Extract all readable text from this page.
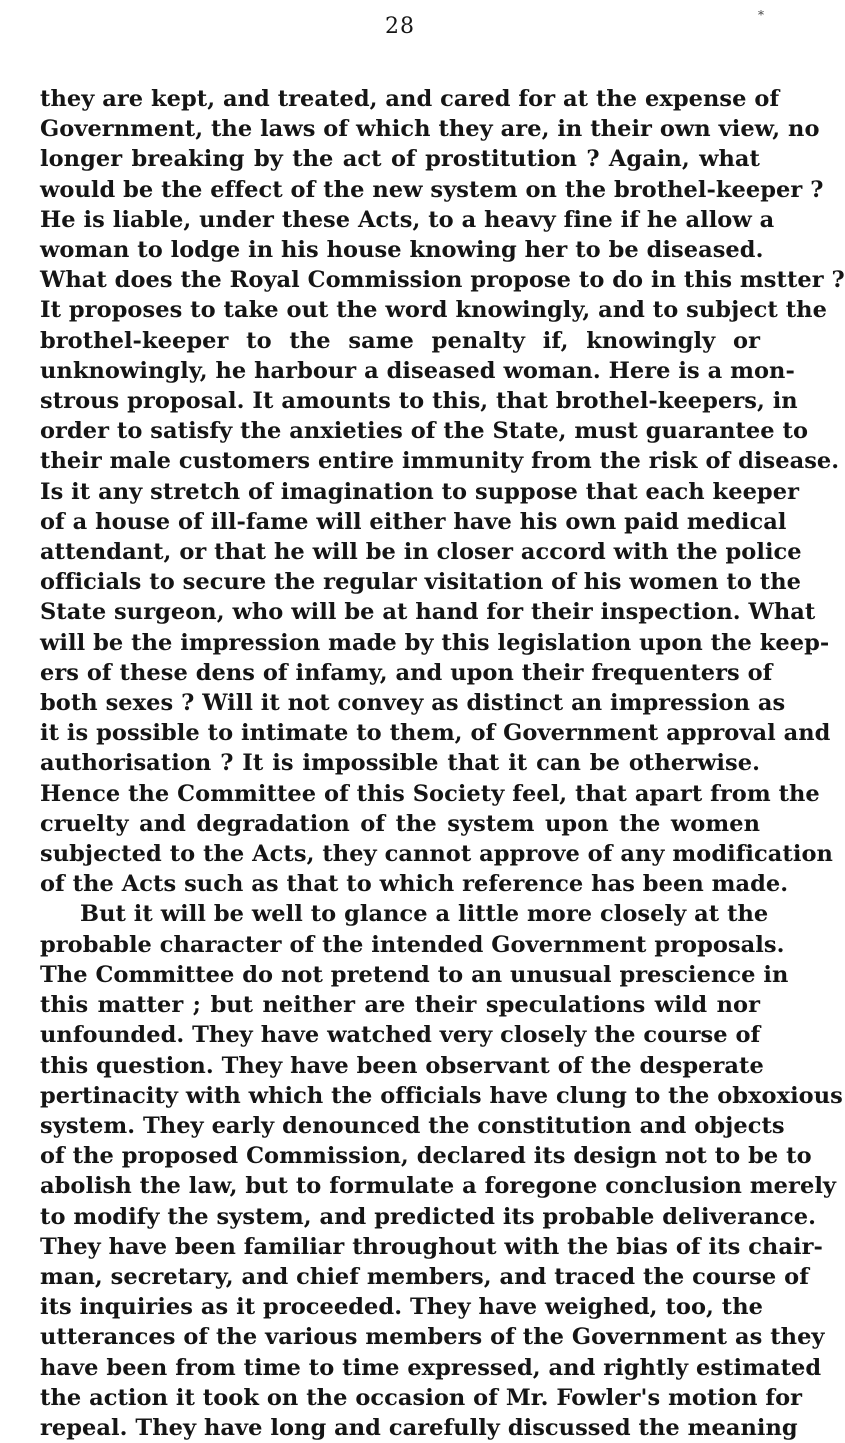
*
28
they are kept, and treated, and cared for at the expense of
Government, the laws of which they are, in their own view, no
longer breaking by the act of prostitution ? Again, what
would be the effect of the new system on the brothel-keeper ?
He is liable, under these Acts, to a heavy fine if he allow a
woman to lodge in his house knowing her to be diseased.
What does the Royal Commission propose to do in this mstter ?
It proposes to take out the word knowingly, and to subject the
brothel-keeper to the same penalty if, knowingly or
unknowingly, he harbour a diseased woman. Here is a mon-
strous proposal. It amounts to this, that brothel-keepers, in
order to satisfy the anxieties of the State, must guarantee to
their male customers entire immunity from the risk of disease.
Is it any stretch of imagination to suppose that each keeper
of a house of ill-fame will either have his own paid medical
attendant, or that he will be in closer accord with the police
officials to secure the regular visitation of his women to the
State surgeon, who will be at hand for their inspection. What
will be the impression made by this legislation upon the keep-
ers of these dens of infamy, and upon their frequenters of
both sexes ? Will it not convey as distinct an impression as
it is possible to intimate to them, of Government approval and
authorisation ? It is impossible that it can be otherwise.
Hence the Committee of this Society feel, that apart from the
cruelty and degradation of the system upon the women
subjected to the Acts, they cannot approve of any modification
of the Acts such as that to which reference has been made.
But it will be well to glance a little more closely at the
probable character of the intended Government proposals.
The Committee do not pretend to an unusual prescience in
this matter ; but neither are their speculations wild nor
unfounded. They have watched very closely the course of
this question. They have been observant of the desperate
pertinacity with which the officials have clung to the obxoxious
system. They early denounced the constitution and objects
of the proposed Commission, declared its design not to be to
abolish the law, but to formulate a foregone conclusion merely
to modify the system, and predicted its probable deliverance.
They have been familiar throughout with the bias of its chair-
man, secretary, and chief members, and traced the course of
its inquiries as it proceeded. They have weighed, too, the
utterances of the various members of the Government as they
have been from time to time expressed, and rightly estimated
the action it took on the occasion of Mr. Fowler's motion for
repeal. They have long and carefully discussed the meaning
